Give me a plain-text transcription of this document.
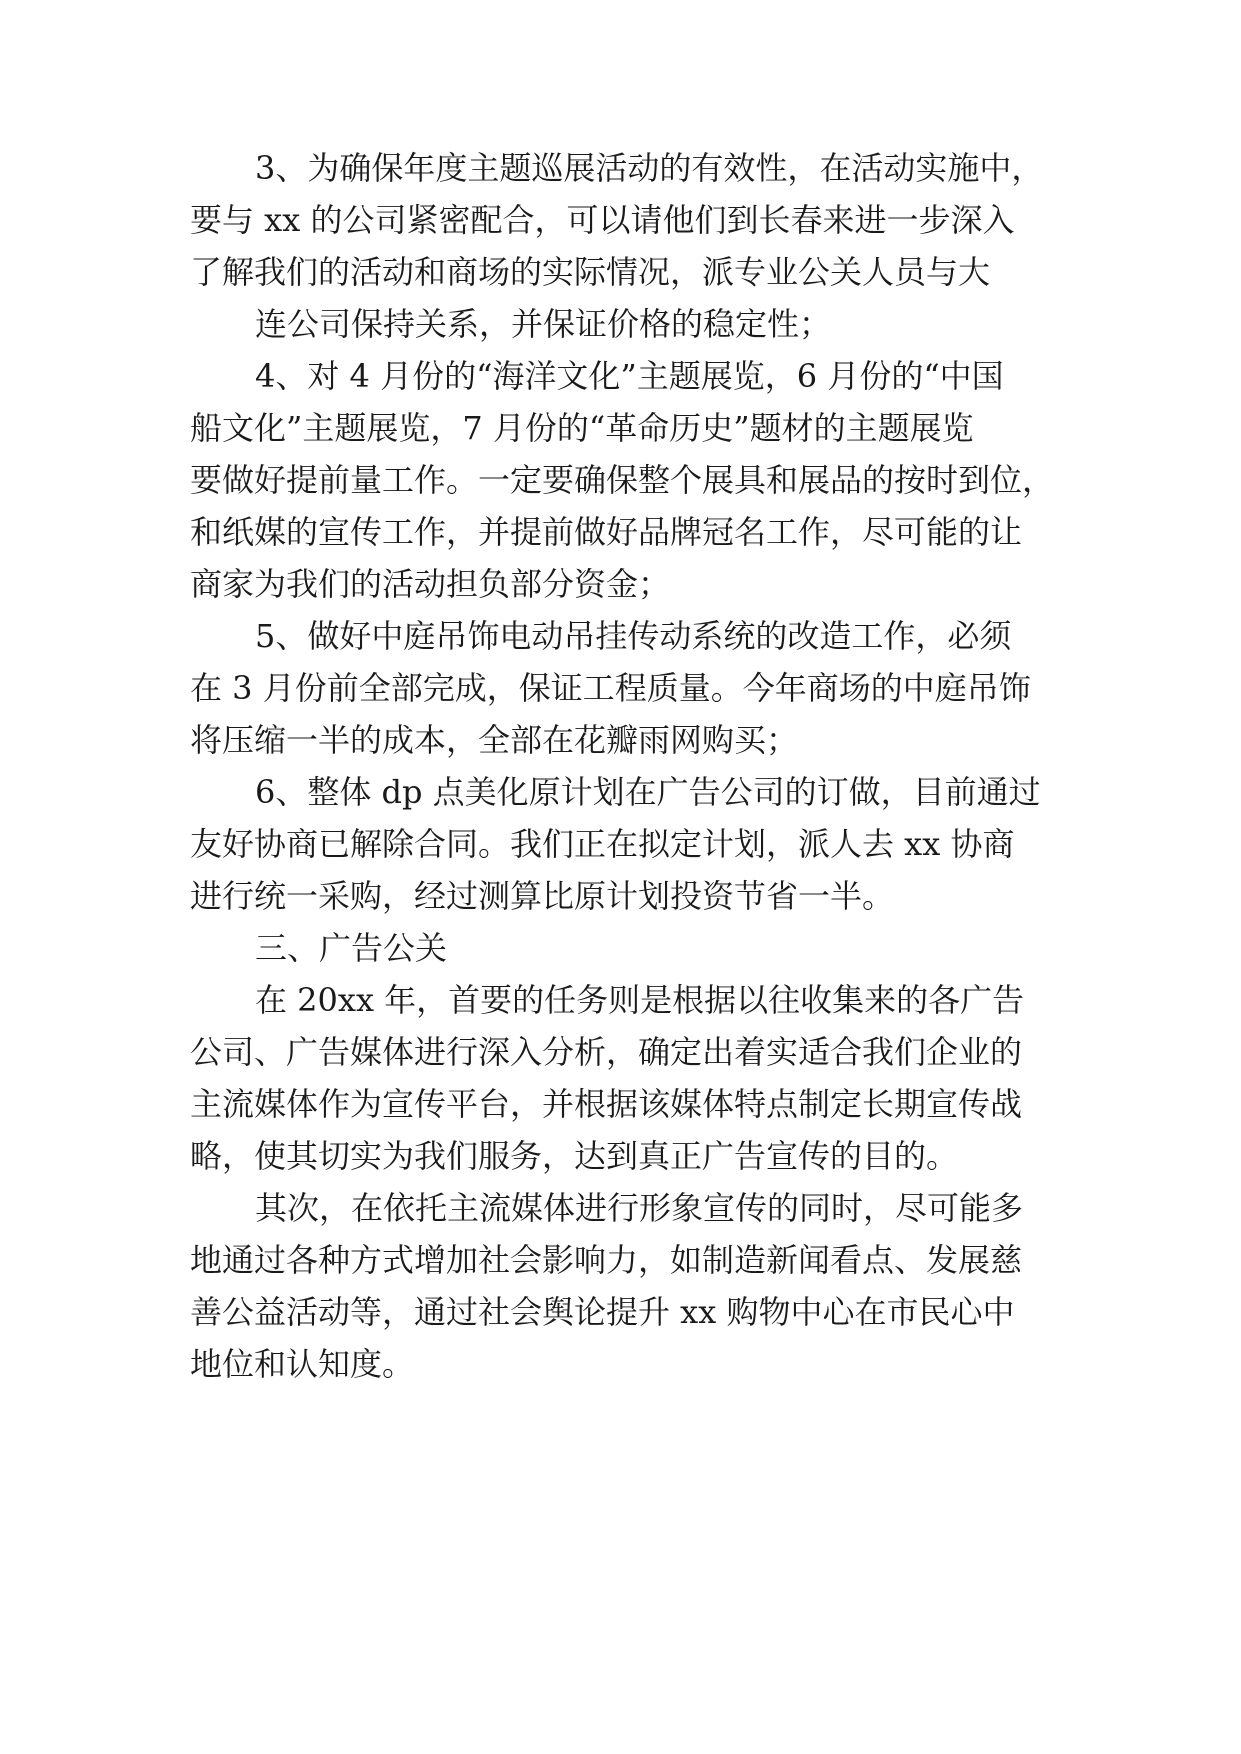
3、为确保年度主题巡展活动的有效性，在活动实施中，

要与 xx 的公司紧密配合，可以请他们到长春来进一步深入

了解我们的活动和商场的实际情况，派专业公关人员与大

连公司保持关系，并保证价格的稳定性；

4、对 4 月份的“海洋文化”主题展览，6 月份的“中国

船文化”主题展览，7 月份的“革命历史”题材的主题展览

要做好提前量工作。一定要确保整个展具和展品的按时到位，

和纸媒的宣传工作，并提前做好品牌冠名工作，尽可能的让

商家为我们的活动担负部分资金；

5、做好中庭吊饰电动吊挂传动系统的改造工作，必须

在 3 月份前全部完成，保证工程质量。今年商场的中庭吊饰

将压缩一半的成本，全部在花瓣雨网购买；

6、整体 dp 点美化原计划在广告公司的订做，目前通过

友好协商已解除合同。我们正在拟定计划，派人去 xx 协商

进行统一采购，经过测算比原计划投资节省一半。

三、广告公关

在 20xx 年，首要的任务则是根据以往收集来的各广告

公司、广告媒体进行深入分析，确定出着实适合我们企业的

主流媒体作为宣传平台，并根据该媒体特点制定长期宣传战

略，使其切实为我们服务，达到真正广告宣传的目的。

其次，在依托主流媒体进行形象宣传的同时，尽可能多

地通过各种方式增加社会影响力，如制造新闻看点、发展慈

善公益活动等，通过社会舆论提升 xx 购物中心在市民心中

地位和认知度。
